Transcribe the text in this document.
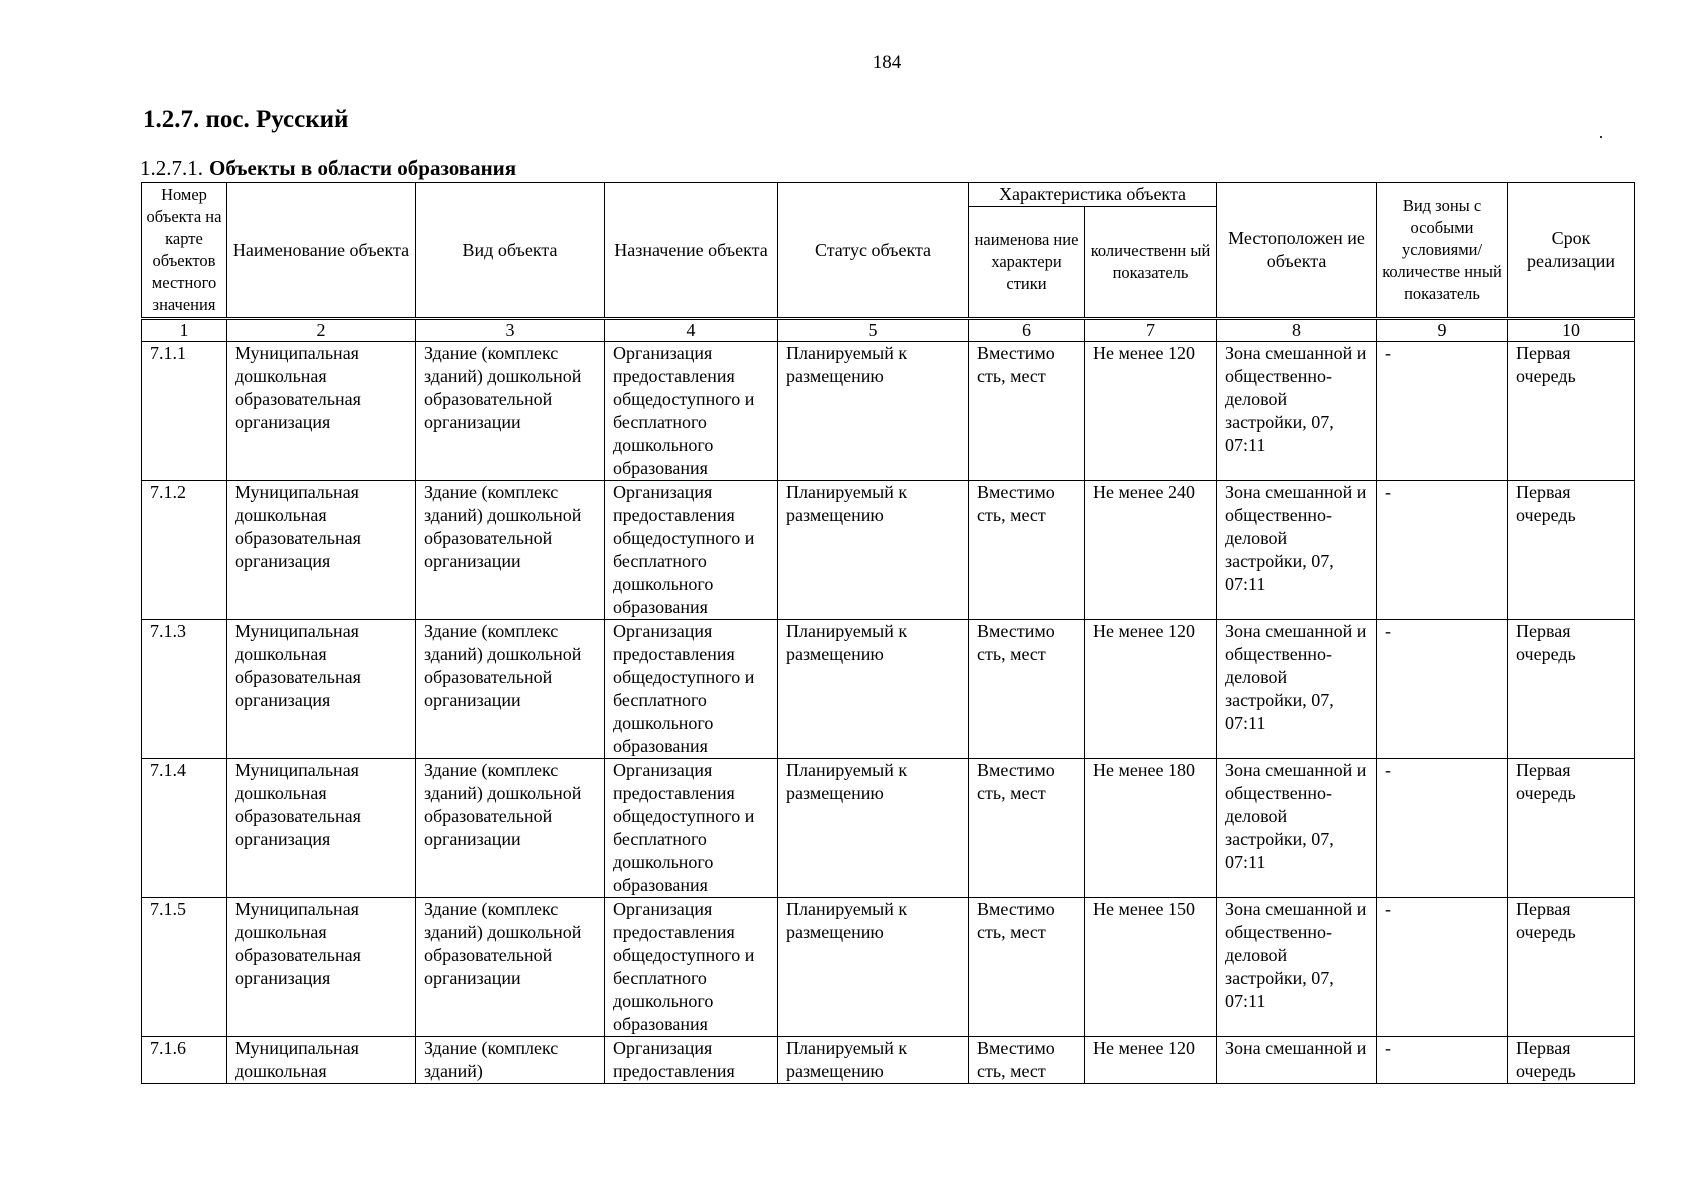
184
1.2.7. пос. Русский
1.2.7.1. Объекты в области образования
Номер объекта на карте объектов местного значения	Наименование объекта	Вид объекта	Назначение объекта	Статус объекта	Характеристика объекта		Местоположен ие объекта	Вид зоны с особыми условиями/ количестве нный показатель	Срок реализации
					наименова ние характери стики	количественн ый показатель			
1	2	3	4	5	6	7	8	9	10
7.1.1	Муниципальная дошкольная образовательная организация	Здание (комплекс зданий) дошкольной образовательной организации	Организация предоставления общедоступного и бесплатного дошкольного образования	Планируемый к размещению	Вместимо сть, мест	Не менее 120	Зона смешанной и общественно-деловой застройки, 07, 07:11	-	Первая очередь
7.1.2	Муниципальная дошкольная образовательная организация	Здание (комплекс зданий) дошкольной образовательной организации	Организация предоставления общедоступного и бесплатного дошкольного образования	Планируемый к размещению	Вместимо сть, мест	Не менее 240	Зона смешанной и общественно-деловой застройки, 07, 07:11	-	Первая очередь
7.1.3	Муниципальная дошкольная образовательная организация	Здание (комплекс зданий) дошкольной образовательной организации	Организация предоставления общедоступного и бесплатного дошкольного образования	Планируемый к размещению	Вместимо сть, мест	Не менее 120	Зона смешанной и общественно-деловой застройки, 07, 07:11	-	Первая очередь
7.1.4	Муниципальная дошкольная образовательная организация	Здание (комплекс зданий) дошкольной образовательной организации	Организация предоставления общедоступного и бесплатного дошкольного образования	Планируемый к размещению	Вместимо сть, мест	Не менее 180	Зона смешанной и общественно-деловой застройки, 07, 07:11	-	Первая очередь
7.1.5	Муниципальная дошкольная образовательная организация	Здание (комплекс зданий) дошкольной образовательной организации	Организация предоставления общедоступного и бесплатного дошкольного образования	Планируемый к размещению	Вместимо сть, мест	Не менее 150	Зона смешанной и общественно-деловой застройки, 07, 07:11	-	Первая очередь
7.1.6	Муниципальная дошкольная	Здание (комплекс зданий)	Организация предоставления	Планируемый к размещению	Вместимо сть, мест	Не менее 120	Зона смешанной и	-	Первая очередь
